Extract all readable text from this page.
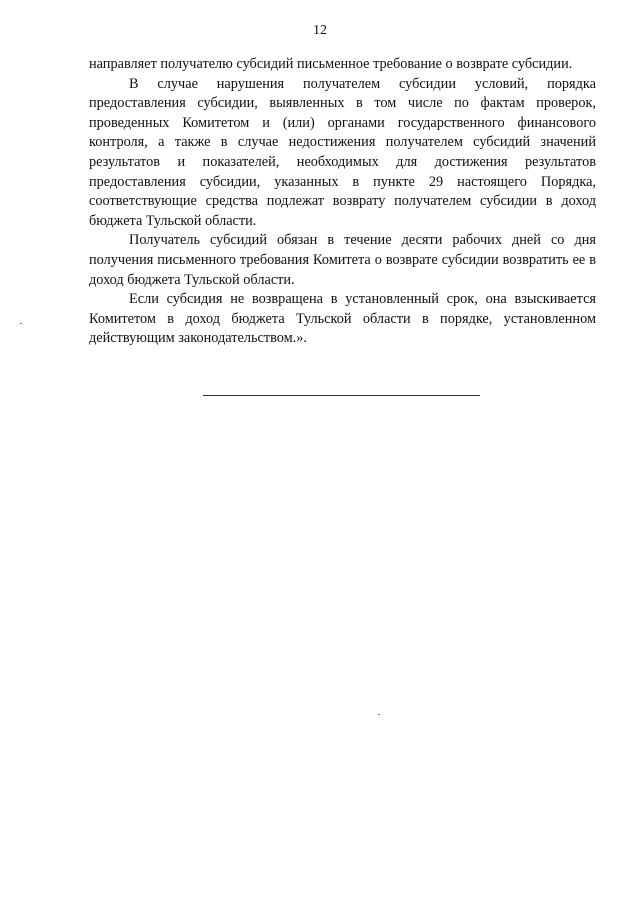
12

направляет получателю субсидий письменное требование о возврате субсидии.

В случае нарушения получателем субсидии условий, порядка предоставления субсидии, выявленных в том числе по фактам проверок, проведенных Комитетом и (или) органами государственного финансового контроля, а также в случае недостижения получателем субсидий значений результатов и показателей, необходимых для достижения результатов предоставления субсидии, указанных в пункте 29 настоящего Порядка, соответствующие средства подлежат возврату получателем субсидии в доход бюджета Тульской области.

Получатель субсидий обязан в течение десяти рабочих дней со дня получения письменного требования Комитета о возврате субсидии возвратить ее в доход бюджета Тульской области.

Если субсидия не возвращена в установленный срок, она взыскивается Комитетом в доход бюджета Тульской области в порядке, установленном действующим законодательством.».
